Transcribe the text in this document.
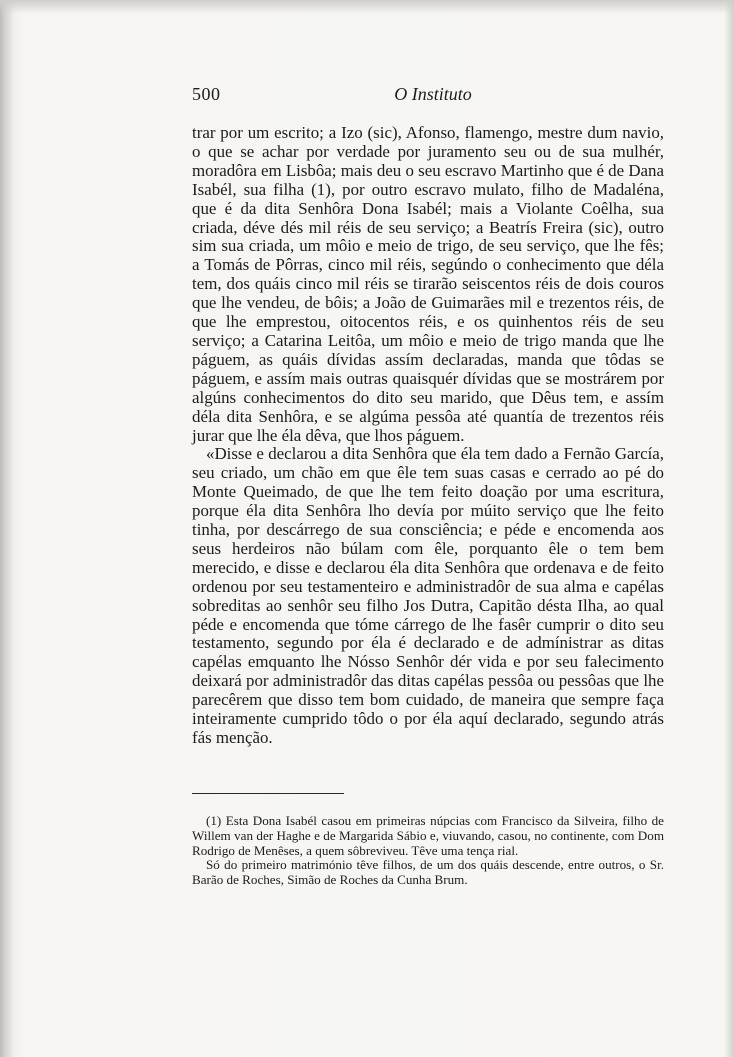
500	O Instituto

trar por um escrito; a Izo (sic), Afonso, flamengo, mestre dum navio, o que se achar por verdade por juramento seu ou de sua mulhér, moradôra em Lisbôa; mais deu o seu escravo Martinho que é de Dana Isabél, sua filha (1), por outro escravo mulato, filho de Madaléna, que é da dita Senhôra Dona Isabél; mais a Violante Coêlha, sua criada, déve dés mil réis de seu serviço; a Beatrís Freira (sic), outro sim sua criada, um môio e meio de trigo, de seu serviço, que lhe fês; a Tomás de Pôrras, cinco mil réis, segúndo o conhecimento que déla tem, dos quáis cinco mil réis se tirarão seiscentos réis de dois couros que lhe vendeu, de bôis; a João de Guimarães mil e trezentos réis, de que lhe emprestou, oitocentos réis, e os quinhentos réis de seu serviço; a Catarina Leitôa, um môio e meio de trigo manda que lhe páguem, as quáis dívidas assím declaradas, manda que tôdas se páguem, e assím mais outras quaisquér dívidas que se mostrárem por algúns conhecimentos do dito seu marido, que Dêus tem, e assím déla dita Senhôra, e se algúma pessôa até quantía de trezentos réis jurar que lhe éla dêva, que lhos páguem.

«Disse e declarou a dita Senhôra que éla tem dado a Fernão García, seu criado, um chão em que êle tem suas casas e cerrado ao pé do Monte Queimado, de que lhe tem feito doação por uma escritura, porque éla dita Senhôra lho devía por múito serviço que lhe feito tinha, por descárrego de sua consciência; e péde e encomenda aos seus herdeiros não búlam com êle, porquanto êle o tem bem merecido, e disse e declarou éla dita Senhôra que ordenava e de feito ordenou por seu testamenteiro e administradôr de sua alma e capélas sobreditas ao senhôr seu filho Jos Dutra, Capitão désta Ilha, ao qual péde e encomenda que tóme cárrego de lhe fasêr cumprir o dito seu testamento, segundo por éla é declarado e de admínistrar as ditas capélas emquanto lhe Nósso Senhôr dér vida e por seu falecimento deixará por administradôr das ditas capélas pessôa ou pessôas que lhe parecêrem que disso tem bom cuidado, de maneira que sempre faça inteiramente cumprido tôdo o por éla aquí declarado, segundo atrás fás menção.

(1) Esta Dona Isabél casou em primeiras núpcias com Francisco da Silveira, filho de Willem van der Haghe e de Margarida Sábio e, viuvando, casou, no continente, com Dom Rodrigo de Menêses, a quem sôbreviveu. Têve uma tença rial.

Só do primeiro matrimónio têve filhos, de um dos quáis descende, entre outros, o Sr. Barão de Roches, Simão de Roches da Cunha Brum.
